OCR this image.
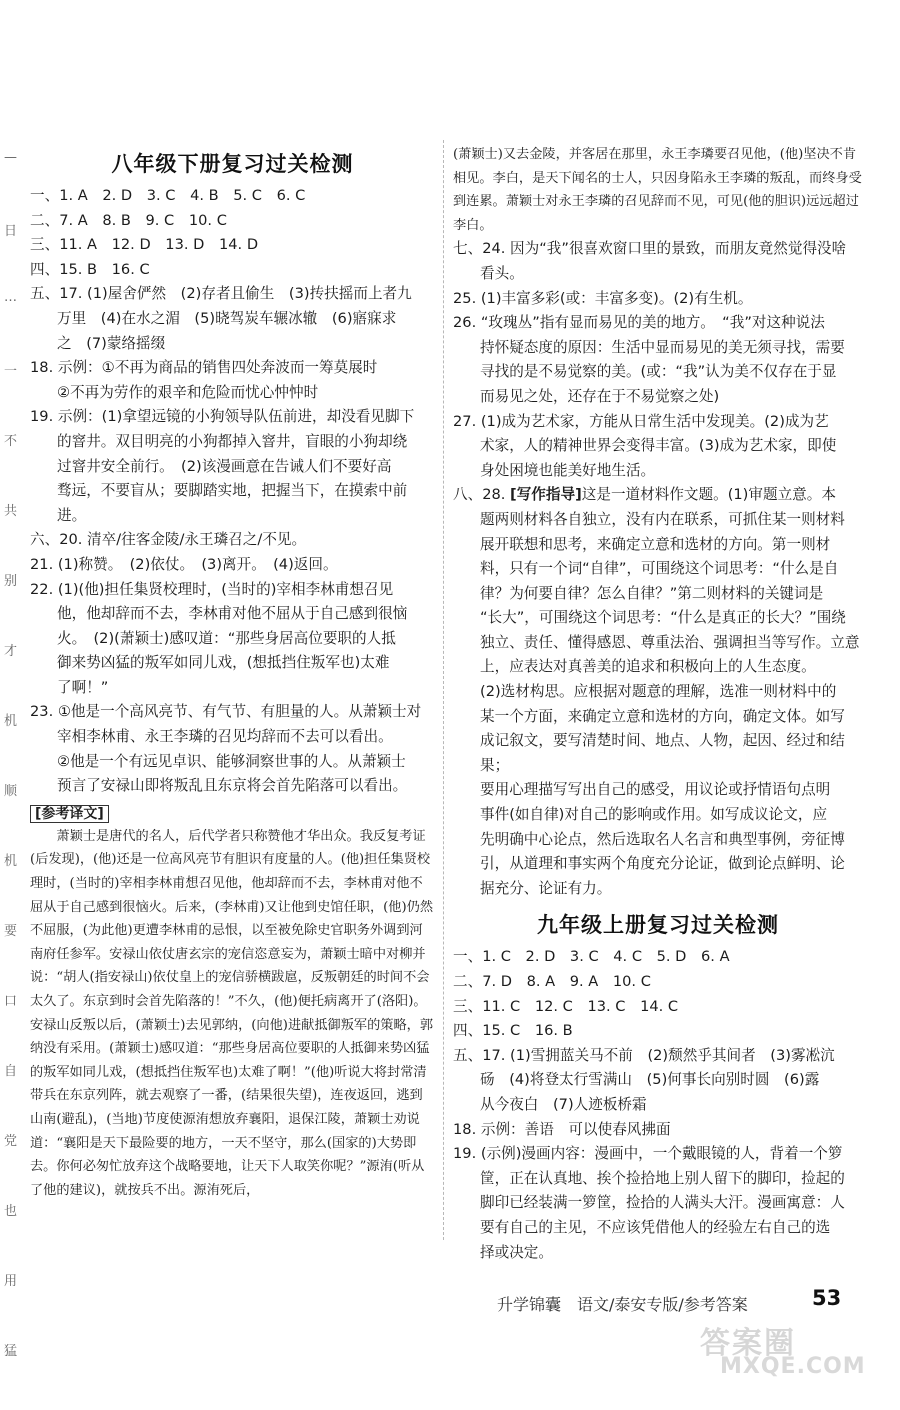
—
日
…
一
不
共
别
才
机
顺
机
要
口
自
党
也
用
猛
八年级下册复习过关检测

一、1. A　2. D　3. C　4. B　5. C　6. C

二、7. A　8. B　9. C　10. C

三、11. A　12. D　13. D　14. D

四、15. B　16. C

五、17. (1)屋舍俨然　(2)存者且偷生　(3)抟扶摇而上者九

万里　(4)在水之湄　(5)晓驾炭车辗冰辙　(6)寤寐求

之　(7)蒙络摇缀

18. 示例：①不再为商品的销售四处奔波而一筹莫展时

②不再为劳作的艰辛和危险而忧心忡忡时

19. 示例：(1)拿望远镜的小狗领导队伍前进，却没看见脚下

的窨井。双目明亮的小狗都掉入窨井，盲眼的小狗却绕

过窨井安全前行。　(2)该漫画意在告诫人们不要好高

骛远，不要盲从；要脚踏实地，把握当下，在摸索中前进。

六、20. 清卒/往客金陵/永王璘召之/不见。

21. (1)称赞。　(2)依仗。　(3)离开。　(4)返回。

22. (1)(他)担任集贤校理时，(当时的)宰相李林甫想召见

他，他却辞而不去，李林甫对他不屈从于自己感到很恼

火。　(2)(萧颖士)感叹道：“那些身居高位要职的人抵

御来势凶猛的叛军如同儿戏，(想抵挡住叛军也)太难

了啊！”

23. ①他是一个高风亮节、有气节、有胆量的人。从萧颖士对

宰相李林甫、永王李璘的召见均辞而不去可以看出。

②他是一个有远见卓识、能够洞察世事的人。从萧颖士

预言了安禄山即将叛乱且东京将会首先陷落可以看出。

[参考译文]

萧颖士是唐代的名人，后代学者只称赞他才华出众。我反复考证(后发现)，(他)还是一位高风亮节有胆识有度量的人。(他)担任集贤校理时，(当时的)宰相李林甫想召见他，他却辞而不去，李林甫对他不屈从于自己感到很恼火。后来，(李林甫)又让他到史馆任职，(他)仍然不屈服，(为此他)更遭李林甫的忌恨，以至被免除史官职务外调到河南府任参军。安禄山依仗唐玄宗的宠信恣意妄为，萧颖士暗中对柳并说：“胡人(指安禄山)依仗皇上的宠信骄横跋扈，反叛朝廷的时间不会太久了。东京到时会首先陷落的！”不久，(他)便托病离开了(洛阳)。安禄山反叛以后，(萧颖士)去见郭纳，(向他)进献抵御叛军的策略，郭纳没有采用。(萧颖士)感叹道：“那些身居高位要职的人抵御来势凶猛的叛军如同儿戏，(想抵挡住叛军也)太难了啊！”(他)听说大将封常清带兵在东京列阵，就去观察了一番，(结果很失望)，连夜返回，逃到山南(避乱)，(当地)节度使源洧想放弃襄阳，退保江陵，萧颖士劝说道：“襄阳是天下最险要的地方，一天不坚守，那么(国家的)大势即去。你何必匆忙放弃这个战略要地，让天下人取笑你呢？”源洧(听从了他的建议)，就按兵不出。源洧死后，

(萧颖士)又去金陵，并客居在那里，永王李璘要召见他，(他)坚决不肯相见。李白，是天下闻名的士人，只因身陷永王李璘的叛乱，而终身受到连累。萧颖士对永王李璘的召见辞而不见，可见(他的胆识)远远超过李白。

七、24. 因为“我”很喜欢窗口里的景致，而朋友竟然觉得没啥

看头。

25. (1)丰富多彩(或：丰富多变)。(2)有生机。

26. “玫瑰丛”指有显而易见的美的地方。　“我”对这种说法

持怀疑态度的原因：生活中显而易见的美无须寻找，需要

寻找的是不易觉察的美。(或：“我”认为美不仅存在于显

而易见之处，还存在于不易觉察之处)

27. (1)成为艺术家，方能从日常生活中发现美。(2)成为艺

术家，人的精神世界会变得丰富。(3)成为艺术家，即使

身处困境也能美好地生活。

八、28. [写作指导]这是一道材料作文题。(1)审题立意。本

题两则材料各自独立，没有内在联系，可抓住某一则材料

展开联想和思考，来确定立意和选材的方向。第一则材

料，只有一个词“自律”，可围绕这个词思考：“什么是自

律？为何要自律？怎么自律？”第二则材料的关键词是

“长大”，可围绕这个词思考：“什么是真正的长大？”围绕

独立、责任、懂得感恩、尊重法治、强调担当等写作。立意

上，应表达对真善美的追求和积极向上的人生态度。

(2)选材构思。应根据对题意的理解，选准一则材料中的

某一个方面，来确定立意和选材的方向，确定文体。如写

成记叙文，要写清楚时间、地点、人物，起因、经过和结果；

要用心理描写写出自己的感受，用议论或抒情语句点明

事件(如自律)对自己的影响或作用。如写成议论文，应

先明确中心论点，然后选取名人名言和典型事例，旁征博

引，从道理和事实两个角度充分论证，做到论点鲜明、论

据充分、论证有力。

九年级上册复习过关检测

一、1. C　2. D　3. C　4. C　5. D　6. A

二、7. D　8. A　9. A　10. C

三、11. C　12. C　13. C　14. C

四、15. C　16. B

五、17. (1)雪拥蓝关马不前　(2)颓然乎其间者　(3)雾凇沆

砀　(4)将登太行雪满山　(5)何事长向别时圆　(6)露

从今夜白　(7)人迹板桥霜

18. 示例：善语　可以使春风拂面

19. (示例)漫画内容：漫画中，一个戴眼镜的人，背着一个箩

筐，正在认真地、挨个捡拾地上别人留下的脚印，捡起的

脚印已经装满一箩筐，捡拾的人满头大汗。漫画寓意：人

要有自己的主见，不应该凭借他人的经验左右自己的选

择或决定。

升学锦囊　语文/泰安专版/参考答案	53
答案圈
MXQE.COM
